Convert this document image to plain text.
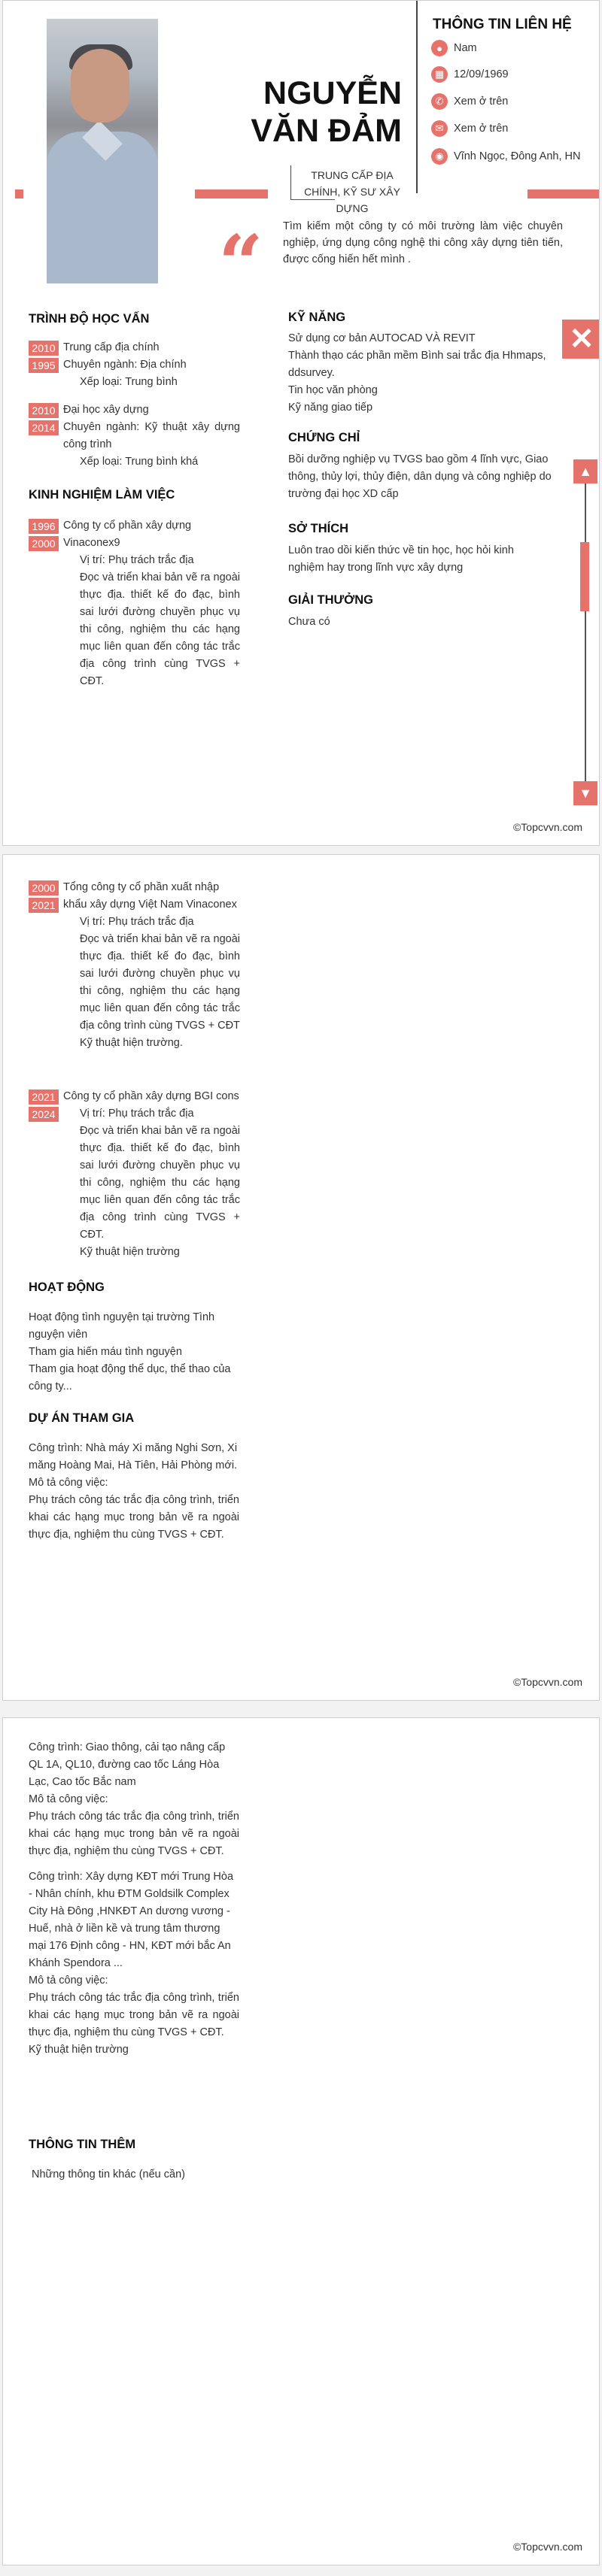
NGUYỄN
VĂN ĐẢM
TRUNG CẤP ĐỊA CHÍNH, KỸ SƯ XÂY DỰNG
“ Tìm kiếm một công ty có môi trường làm việc chuyên nghiệp, ứng dụng công nghệ thi công xây dựng tiên tiến, được cống hiến hết mình .
THÔNG TIN LIÊN HỆ
●	Nam
▦ 12/09/1969
✆ Xem ở trên
✉ Xem ở trên
◉ Vĩnh Ngọc, Đông Anh, HN
TRÌNH ĐỘ HỌC VẤN
2010
1995
Trung cấp địa chính
Chuyên ngành: Địa chính
Xếp loại: Trung bình
2010
2014
Đại học xây dựng
Chuyên ngành: Kỹ thuật xây dựng công trình
Xếp loại: Trung bình khá
KINH NGHIỆM LÀM VIỆC
1996
2000
Công ty cổ phần xây dựng Vinaconex9
Vị trí: Phụ trách trắc địa
Đọc và triển khai bản vẽ ra ngoài thực địa. thiết kế đo đạc, bình sai lưới đường chuyền phục vụ thi công, nghiệm thu các hạng mục liên quan đến công tác trắc địa công trình cùng TVGS + CĐT.
KỸ NĂNG
Sử dụng cơ bản AUTOCAD VÀ REVIT
Thành thạo các phần mềm Bình sai trắc địa Hhmaps, ddsurvey.
Tin học văn phòng
Kỹ năng giao tiếp
CHỨNG CHỈ
Bồi dưỡng nghiệp vụ TVGS bao gồm 4 lĩnh vực, Giao thông, thủy lợi, thủy điện, dân dụng và công nghiệp do trường đại học XD cấp
SỞ THÍCH
Luôn trao dồi kiến thức về tin học, học hỏi kinh nghiệm hay trong lĩnh vực xây dựng
GIẢI THƯỞNG
Chưa có
✕
▲
▼
©Topcvvn.com
2000
2021
Tổng công ty cổ phần xuất nhập khẩu xây dựng Việt Nam Vinaconex
Vị trí: Phụ trách trắc địa
Đọc và triển khai bản vẽ ra ngoài thực địa. thiết kế đo đạc, bình sai lưới đường chuyền phục vụ thi công, nghiệm thu các hạng mục liên quan đến công tác trắc địa công trình cùng TVGS + CĐT
Kỹ thuật hiện trường.
2021
2024
Công ty cổ phần xây dựng BGI cons
Vị trí: Phụ trách trắc địa
Đọc và triển khai bản vẽ ra ngoài thực địa. thiết kế đo đạc, bình sai lưới đường chuyền phục vụ thi công, nghiệm thu các hạng mục liên quan đến công tác trắc địa công trình cùng TVGS + CĐT.
Kỹ thuật hiện trường
HOẠT ĐỘNG
Hoạt động tình nguyện tại trường Tình nguyện viên
Tham gia hiến máu tình nguyện
Tham gia hoạt động thể dục, thể thao của công ty...
DỰ ÁN THAM GIA
Công trình: Nhà máy Xi măng Nghi Sơn, Xi măng Hoàng Mai, Hà Tiên, Hải Phòng mới.
Mô tả công việc:
Phụ trách công tác trắc địa công trình, triển khai các hạng mục trong bản vẽ ra ngoài thực địa, nghiệm thu cùng TVGS + CĐT.
©Topcvvn.com
Công trình: Giao thông, cải tạo nâng cấp QL 1A, QL10, đường cao tốc Láng Hòa Lạc, Cao tốc Bắc nam
Mô tả công việc:
Phụ trách công tác trắc địa công trình, triển khai các hạng mục trong bản vẽ ra ngoài thực địa, nghiệm thu cùng TVGS + CĐT.
Công trình: Xây dựng KĐT mới Trung Hòa - Nhân chính, khu ĐTM Goldsilk Complex City Hà Đông ,HNKĐT An dương vương - Huế, nhà ở liền kề và trung tâm thương mại 176 Định công - HN, KĐT mới bắc An Khánh Spendora ...
Mô tả công việc:
Phụ trách công tác trắc địa công trình, triển khai các hạng mục trong bản vẽ ra ngoài thực địa, nghiệm thu cùng TVGS + CĐT.
Kỹ thuật hiện trường
THÔNG TIN THÊM
Những thông tin khác (nếu cần)
©Topcvvn.com
